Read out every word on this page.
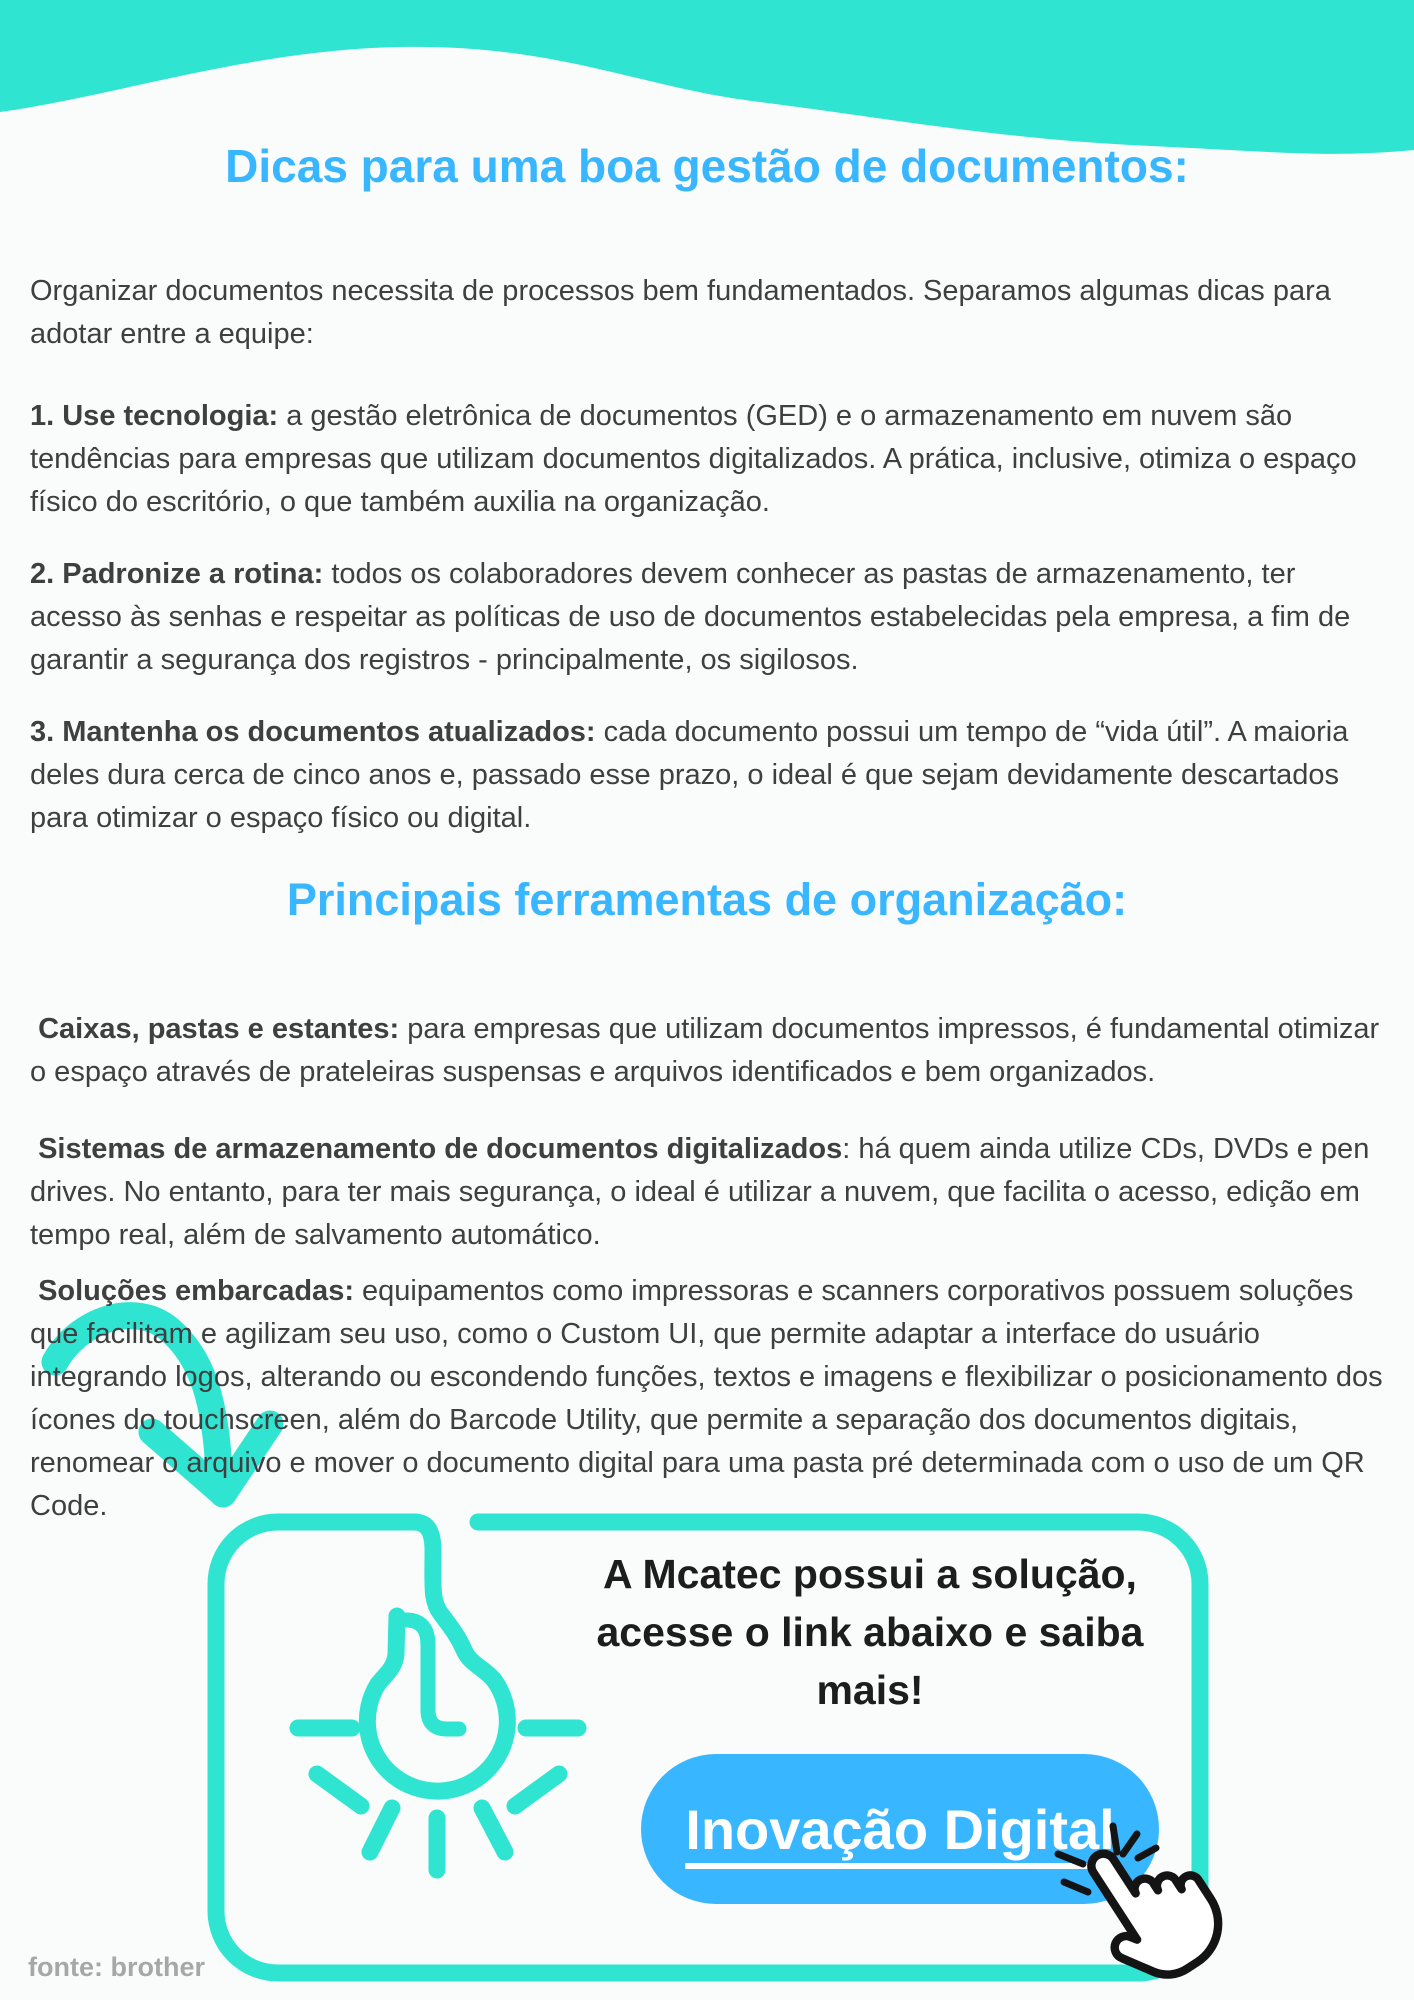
Dicas para uma boa gestão de documentos:

Organizar documentos necessita de processos bem fundamentados. Separamos algumas dicas para adotar entre a equipe:

1. Use tecnologia: a gestão eletrônica de documentos (GED) e o armazenamento em nuvem são tendências para empresas que utilizam documentos digitalizados. A prática, inclusive, otimiza o espaço físico do escritório, o que também auxilia na organização.

2. Padronize a rotina: todos os colaboradores devem conhecer as pastas de armazenamento, ter acesso às senhas e respeitar as políticas de uso de documentos estabelecidas pela empresa, a fim de garantir a segurança dos registros - principalmente, os sigilosos.

3. Mantenha os documentos atualizados: cada documento possui um tempo de “vida útil”. A maioria deles dura cerca de cinco anos e, passado esse prazo, o ideal é que sejam devidamente descartados para otimizar o espaço físico ou digital.

Principais ferramentas de organização:

Caixas, pastas e estantes: para empresas que utilizam documentos impressos, é fundamental otimizar o espaço através de prateleiras suspensas e arquivos identificados e bem organizados.

Sistemas de armazenamento de documentos digitalizados: há quem ainda utilize CDs, DVDs e pen drives. No entanto, para ter mais segurança, o ideal é utilizar a nuvem, que facilita o acesso, edição em tempo real, além de salvamento automático.

Soluções embarcadas: equipamentos como impressoras e scanners corporativos possuem soluções que facilitam e agilizam seu uso, como o Custom UI, que permite adaptar a interface do usuário integrando logos, alterando ou escondendo funções, textos e imagens e flexibilizar o posicionamento dos ícones do touchscreen, além do Barcode Utility, que permite a separação dos documentos digitais, renomear o arquivo e mover o documento digital para uma pasta pré determinada com o uso de um QR Code.

A Mcatec possui a solução, acesse o link abaixo e saiba mais!
Inovação Digital
fonte: brother
